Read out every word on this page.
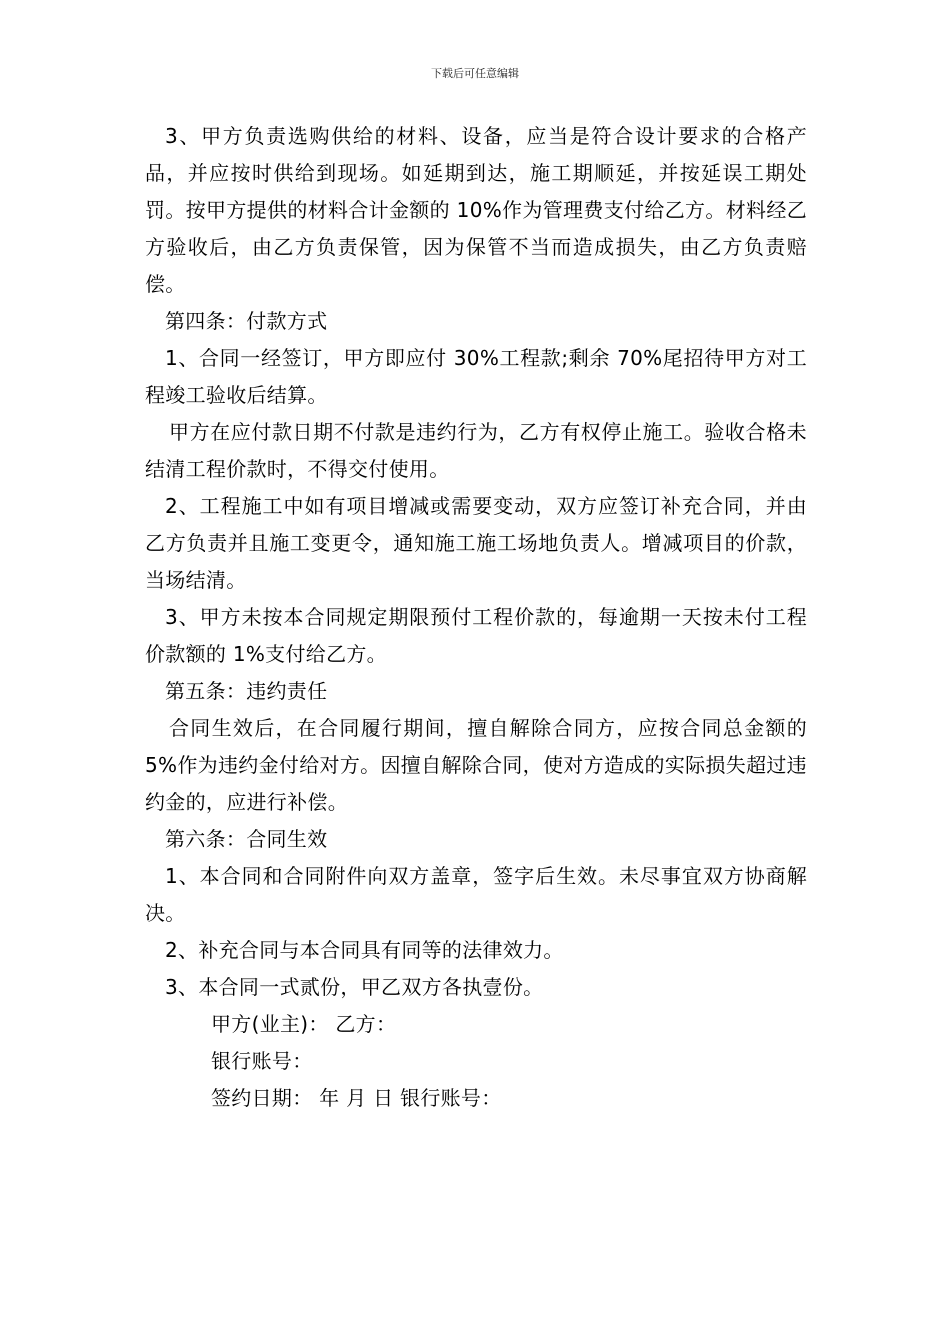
下载后可任意编辑

3、甲方负责选购供给的材料、设备，应当是符合设计要求的合格产品，并应按时供给到现场。如延期到达，施工期顺延，并按延误工期处罚。按甲方提供的材料合计金额的 10%作为管理费支付给乙方。材料经乙方验收后，由乙方负责保管，因为保管不当而造成损失，由乙方负责赔偿。

第四条：付款方式

1、合同一经签订，甲方即应付 30%工程款;剩余 70%尾招待甲方对工程竣工验收后结算。

甲方在应付款日期不付款是违约行为，乙方有权停止施工。验收合格未结清工程价款时，不得交付使用。

2、工程施工中如有项目增减或需要变动，双方应签订补充合同，并由乙方负责并且施工变更令，通知施工施工场地负责人。增减项目的价款，当场结清。

3、甲方未按本合同规定期限预付工程价款的，每逾期一天按未付工程价款额的 1%支付给乙方。

第五条：违约责任

合同生效后，在合同履行期间，擅自解除合同方，应按合同总金额的 5%作为违约金付给对方。因擅自解除合同，使对方造成的实际损失超过违约金的，应进行补偿。

第六条：合同生效

1、本合同和合同附件向双方盖章，签字后生效。未尽事宜双方协商解决。

2、补充合同与本合同具有同等的法律效力。

3、本合同一式贰份，甲乙双方各执壹份。

甲方(业主)： 乙方：

银行账号：

签约日期： 年 月 日 银行账号：
